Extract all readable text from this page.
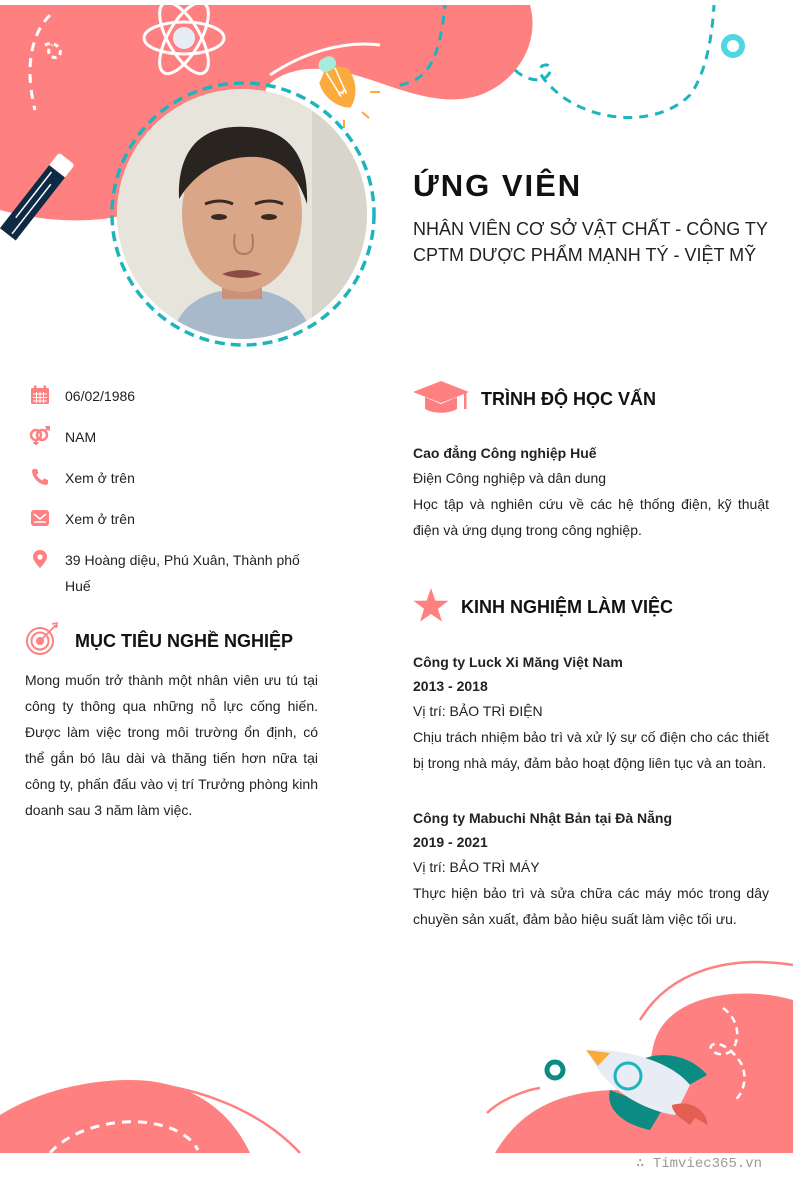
ỨNG VIÊN
NHÂN VIÊN CƠ SỞ VẬT CHẤT - CÔNG TY CPTM DƯỢC PHẨM MẠNH TÝ - VIỆT MỸ
06/02/1986
NAM
Xem ở trên
Xem ở trên
39 Hoàng diệu, Phú Xuân, Thành phố Huế
MỤC TIÊU NGHỀ NGHIỆP
Mong muốn trở thành một nhân viên ưu tú tại công ty thông qua những nỗ lực cống hiến. Được làm việc trong môi trường ổn định, có thể gắn bó lâu dài và thăng tiến hơn nữa tại công ty, phấn đấu vào vị trí Trưởng phòng kinh doanh sau 3 năm làm việc.
TRÌNH ĐỘ HỌC VẤN
Cao đẳng Công nghiệp Huế
Điện Công nghiệp và dân dung
Học tập và nghiên cứu về các hệ thống điện, kỹ thuật điện và ứng dụng trong công nghiệp.
KINH NGHIỆM LÀM VIỆC
Công ty Luck Xi Măng Việt Nam
2013 - 2018
Vị trí: BẢO TRÌ ĐIỆN
Chịu trách nhiệm bảo trì và xử lý sự cố điện cho các thiết bị trong nhà máy, đảm bảo hoạt động liên tục và an toàn.
Công ty Mabuchi Nhật Bản tại Đà Nẵng
2019 - 2021
Vị trí: BẢO TRÌ MÁY
Thực hiện bảo trì và sửa chữa các máy móc trong dây chuyền sản xuất, đảm bảo hiệu suất làm việc tối ưu.
∴ Timviec365.vn
